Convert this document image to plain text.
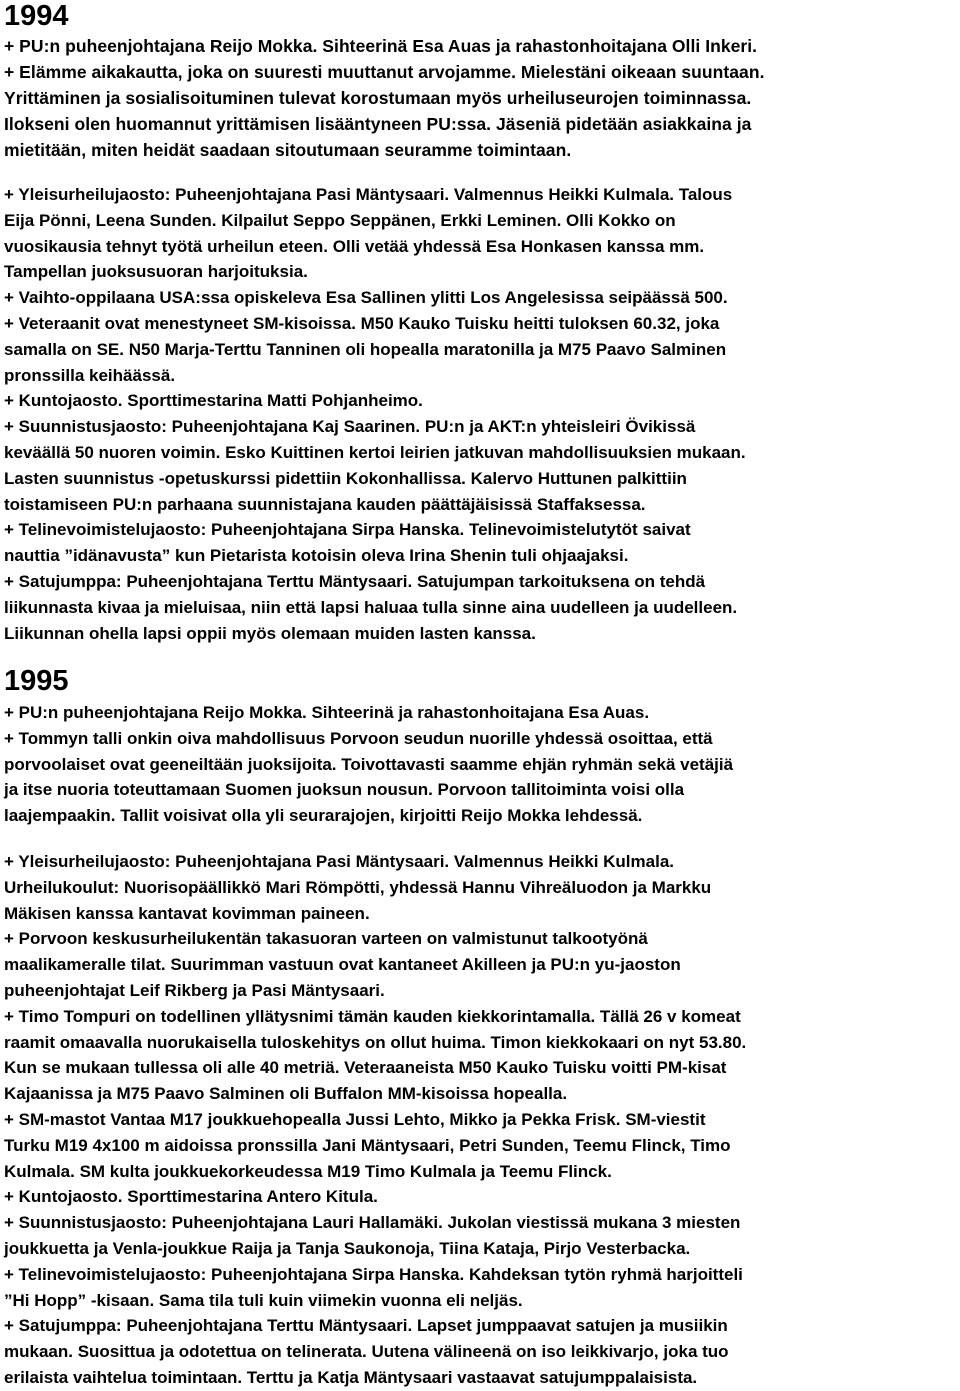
1994
+ PU:n puheenjohtajana Reijo Mokka. Sihteerinä Esa Auas ja rahastonhoitajana Olli Inkeri.
+ Elämme aikakautta, joka on suuresti muuttanut arvojamme. Mielestäni oikeaan suuntaan.
Yrittäminen ja sosialisoituminen tulevat korostumaan myös urheiluseurojen toiminnassa.
Ilokseni olen huomannut yrittämisen lisääntyneen PU:ssa. Jäseniä pidetään asiakkaina ja
mietitään, miten heidät saadaan sitoutumaan seuramme toimintaan.
+ Yleisurheilujaosto: Puheenjohtajana Pasi Mäntysaari. Valmennus Heikki Kulmala. Talous
Eija Pönni, Leena Sunden. Kilpailut Seppo Seppänen, Erkki Leminen. Olli Kokko on
vuosikausia tehnyt työtä urheilun eteen. Olli vetää yhdessä Esa Honkasen kanssa mm.
Tampellan juoksusuoran harjoituksia.
+ Vaihto-oppilaana USA:ssa opiskeleva Esa Sallinen ylitti Los Angelesissa seipäässä 500.
+ Veteraanit ovat menestyneet SM-kisoissa. M50 Kauko Tuisku heitti tuloksen 60.32, joka
samalla on SE. N50 Marja-Terttu Tanninen oli hopealla maratonilla ja M75 Paavo Salminen
pronssilla keihäässä.
+ Kuntojaosto. Sporttimestarina Matti Pohjanheimo.
+ Suunnistusjaosto: Puheenjohtajana Kaj Saarinen. PU:n ja AKT:n yhteisleiri Övikissä
keväällä 50 nuoren voimin. Esko Kuittinen kertoi leirien jatkuvan mahdollisuuksien mukaan.
Lasten suunnistus -opetuskurssi pidettiin Kokonhallissa. Kalervo Huttunen palkittiin
toistamiseen PU:n parhaana suunnistajana kauden päättäjäisissä Staffaksessa.
+ Telinevoimistelujaosto: Puheenjohtajana Sirpa Hanska. Telinevoimistelutytöt saivat
nauttia ”idänavusta” kun Pietarista kotoisin oleva Irina Shenin tuli ohjaajaksi.
+ Satujumppa: Puheenjohtajana Terttu Mäntysaari. Satujumpan tarkoituksena on tehdä
liikunnasta kivaa ja mieluisaa, niin että lapsi haluaa tulla sinne aina uudelleen ja uudelleen.
Liikunnan ohella lapsi oppii myös olemaan muiden lasten kanssa.
1995
+ PU:n puheenjohtajana Reijo Mokka. Sihteerinä ja rahastonhoitajana Esa Auas.
+ Tommyn talli onkin oiva mahdollisuus Porvoon seudun nuorille yhdessä osoittaa, että
porvoolaiset ovat geeneiltään juoksijoita. Toivottavasti saamme ehjän ryhmän sekä vetäjiä
ja itse nuoria toteuttamaan Suomen juoksun nousun. Porvoon tallitoiminta voisi olla
laajempaakin. Tallit voisivat olla yli seurarajojen, kirjoitti Reijo Mokka lehdessä.
+ Yleisurheilujaosto: Puheenjohtajana Pasi Mäntysaari. Valmennus Heikki Kulmala.
Urheilukoulut: Nuorisopäällikkö Mari Römpötti, yhdessä Hannu Vihreäluodon ja Markku
Mäkisen kanssa kantavat kovimman paineen.
+ Porvoon keskusurheilukentän takasuoran varteen on valmistunut talkootyönä
maalikameralle tilat. Suurimman vastuun ovat kantaneet Akilleen ja PU:n yu-jaoston
puheenjohtajat Leif Rikberg ja Pasi Mäntysaari.
+ Timo Tompuri on todellinen yllätysnimi tämän kauden kiekkorintamalla. Tällä 26 v komeat
raamit omaavalla nuorukaisella tuloskehitys on ollut huima. Timon kiekkokaari on nyt 53.80.
Kun se mukaan tullessa oli alle 40 metriä. Veteraaneista M50 Kauko Tuisku voitti PM-kisat
Kajaanissa ja M75 Paavo Salminen oli Buffalon MM-kisoissa hopealla.
+ SM-mastot Vantaa M17 joukkuehopealla Jussi Lehto, Mikko ja Pekka Frisk. SM-viestit
Turku M19 4x100 m aidoissa pronssilla Jani Mäntysaari, Petri Sunden, Teemu Flinck, Timo
Kulmala. SM kulta joukkuekorkeudessa M19 Timo Kulmala ja Teemu Flinck.
+ Kuntojaosto. Sporttimestarina Antero Kitula.
+ Suunnistusjaosto: Puheenjohtajana Lauri Hallamäki. Jukolan viestissä mukana 3 miesten
joukkuetta ja Venla-joukkue Raija ja Tanja Saukonoja, Tiina Kataja, Pirjo Vesterbacka.
+ Telinevoimistelujaosto: Puheenjohtajana Sirpa Hanska. Kahdeksan tytön ryhmä harjoitteli
”Hi Hopp” -kisaan. Sama tila tuli kuin viimekin vuonna eli neljäs.
+ Satujumppa: Puheenjohtajana Terttu Mäntysaari. Lapset jumppaavat satujen ja musiikin
mukaan. Suosittua ja odotettua on telinerata. Uutena välineenä on iso leikkivarjo, joka tuo
erilaista vaihtelua toimintaan. Terttu ja Katja Mäntysaari vastaavat satujumppalaisista.
